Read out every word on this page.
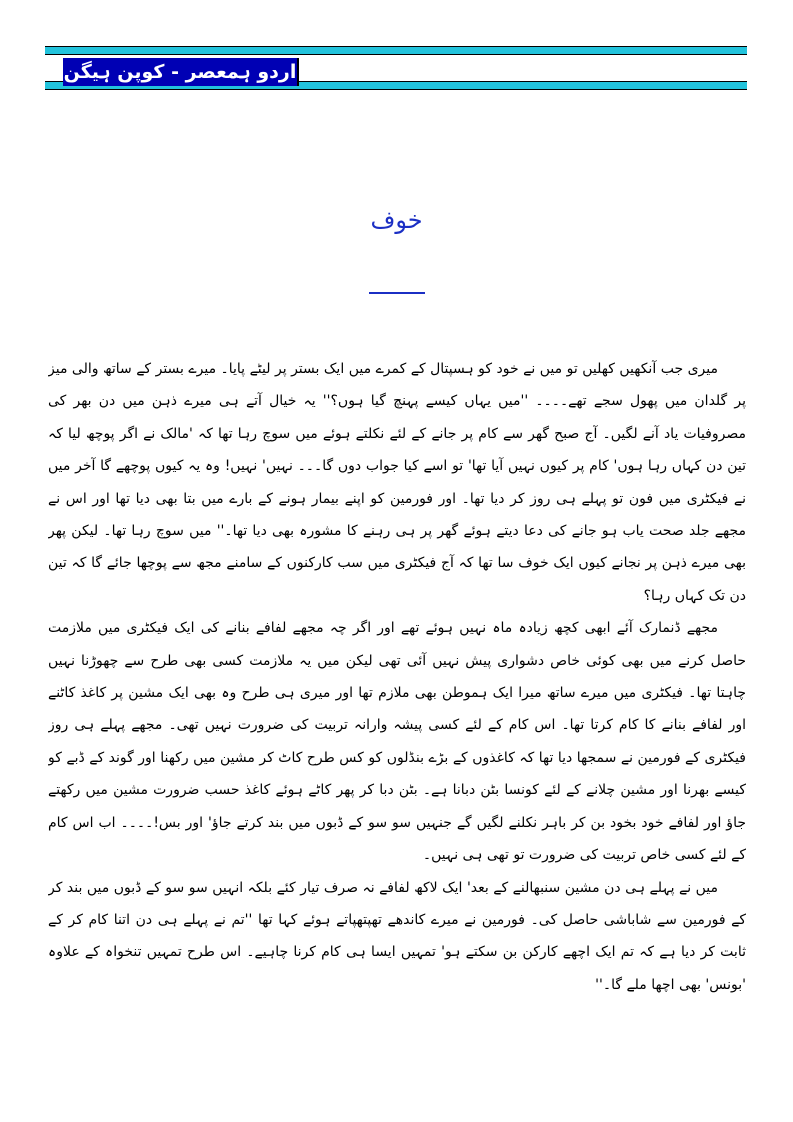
اردو ہمعصر - کوپن ہیگن
خوف

میری جب آنکھیں کھلیں تو میں نے خود کو ہسپتال کے کمرے میں ایک بستر پر لیٹے پایا۔ میرے بستر کے ساتھ والی میز پر گلدان میں پھول سجے تھے۔۔۔۔ ''میں یہاں کیسے پہنچ گیا ہوں؟'' یہ خیال آتے ہی میرے ذہن میں دن بھر کی مصروفیات یاد آنے لگیں۔ آج صبح گھر سے کام پر جانے کے لئے نکلتے ہوئے میں سوچ رہا تھا کہ 'مالک نے اگر پوچھ لیا کہ تین دن کہاں رہا ہوں' کام پر کیوں نہیں آیا تھا' تو اسے کیا جواب دوں گا۔۔۔ نہیں' نہیں! وہ یہ کیوں پوچھے گا آخر میں نے فیکٹری میں فون تو پہلے ہی روز کر دیا تھا۔ اور فورمین کو اپنے بیمار ہونے کے بارے میں بتا بھی دیا تھا اور اس نے مجھے جلد صحت یاب ہو جانے کی دعا دیتے ہوئے گھر پر ہی رہنے کا مشورہ بھی دیا تھا۔'' میں سوچ رہا تھا۔ لیکن پھر بھی میرے ذہن پر نجانے کیوں ایک خوف سا تھا کہ آج فیکٹری میں سب کارکنوں کے سامنے مجھ سے پوچھا جائے گا کہ تین دن تک کہاں رہا؟

مجھے ڈنمارک آئے ابھی کچھ زیادہ ماہ نہیں ہوئے تھے اور اگر چہ مجھے لفافے بنانے کی ایک فیکٹری میں ملازمت حاصل کرنے میں بھی کوئی خاص دشواری پیش نہیں آئی تھی لیکن میں یہ ملازمت کسی بھی طرح سے چھوڑنا نہیں چاہتا تھا۔ فیکٹری میں میرے ساتھ میرا ایک ہموطن بھی ملازم تھا اور میری ہی طرح وہ بھی ایک مشین پر کاغذ کاٹنے اور لفافے بنانے کا کام کرتا تھا۔ اس کام کے لئے کسی پیشہ وارانہ تربیت کی ضرورت نہیں تھی۔ مجھے پہلے ہی روز فیکٹری کے فورمین نے سمجھا دیا تھا کہ کاغذوں کے بڑے بنڈلوں کو کس طرح کاٹ کر مشین میں رکھنا اور گوند کے ڈبے کو کیسے بھرنا اور مشین چلانے کے لئے کونسا بٹن دبانا ہے۔ بٹن دبا کر پھر کاٹے ہوئے کاغذ حسب ضرورت مشین میں رکھتے جاؤ اور لفافے خود بخود بن کر باہر نکلنے لگیں گے جنہیں سو سو کے ڈبوں میں بند کرتے جاؤ' اور بس!۔۔۔۔ اب اس کام کے لئے کسی خاص تربیت کی ضرورت تو تھی ہی نہیں۔

میں نے پہلے ہی دن مشین سنبھالنے کے بعد' ایک لاکھ لفافے نہ صرف تیار کئے بلکہ انہیں سو سو کے ڈبوں میں بند کر کے فورمین سے شاباشی حاصل کی۔ فورمین نے میرے کاندھے تھپتھپاتے ہوئے کہا تھا ''تم نے پہلے ہی دن اتنا کام کر کے ثابت کر دیا ہے کہ تم ایک اچھے کارکن بن سکتے ہو' تمہیں ایسا ہی کام کرنا چاہیے۔ اس طرح تمہیں تنخواہ کے علاوہ 'بونس' بھی اچھا ملے گا۔''
